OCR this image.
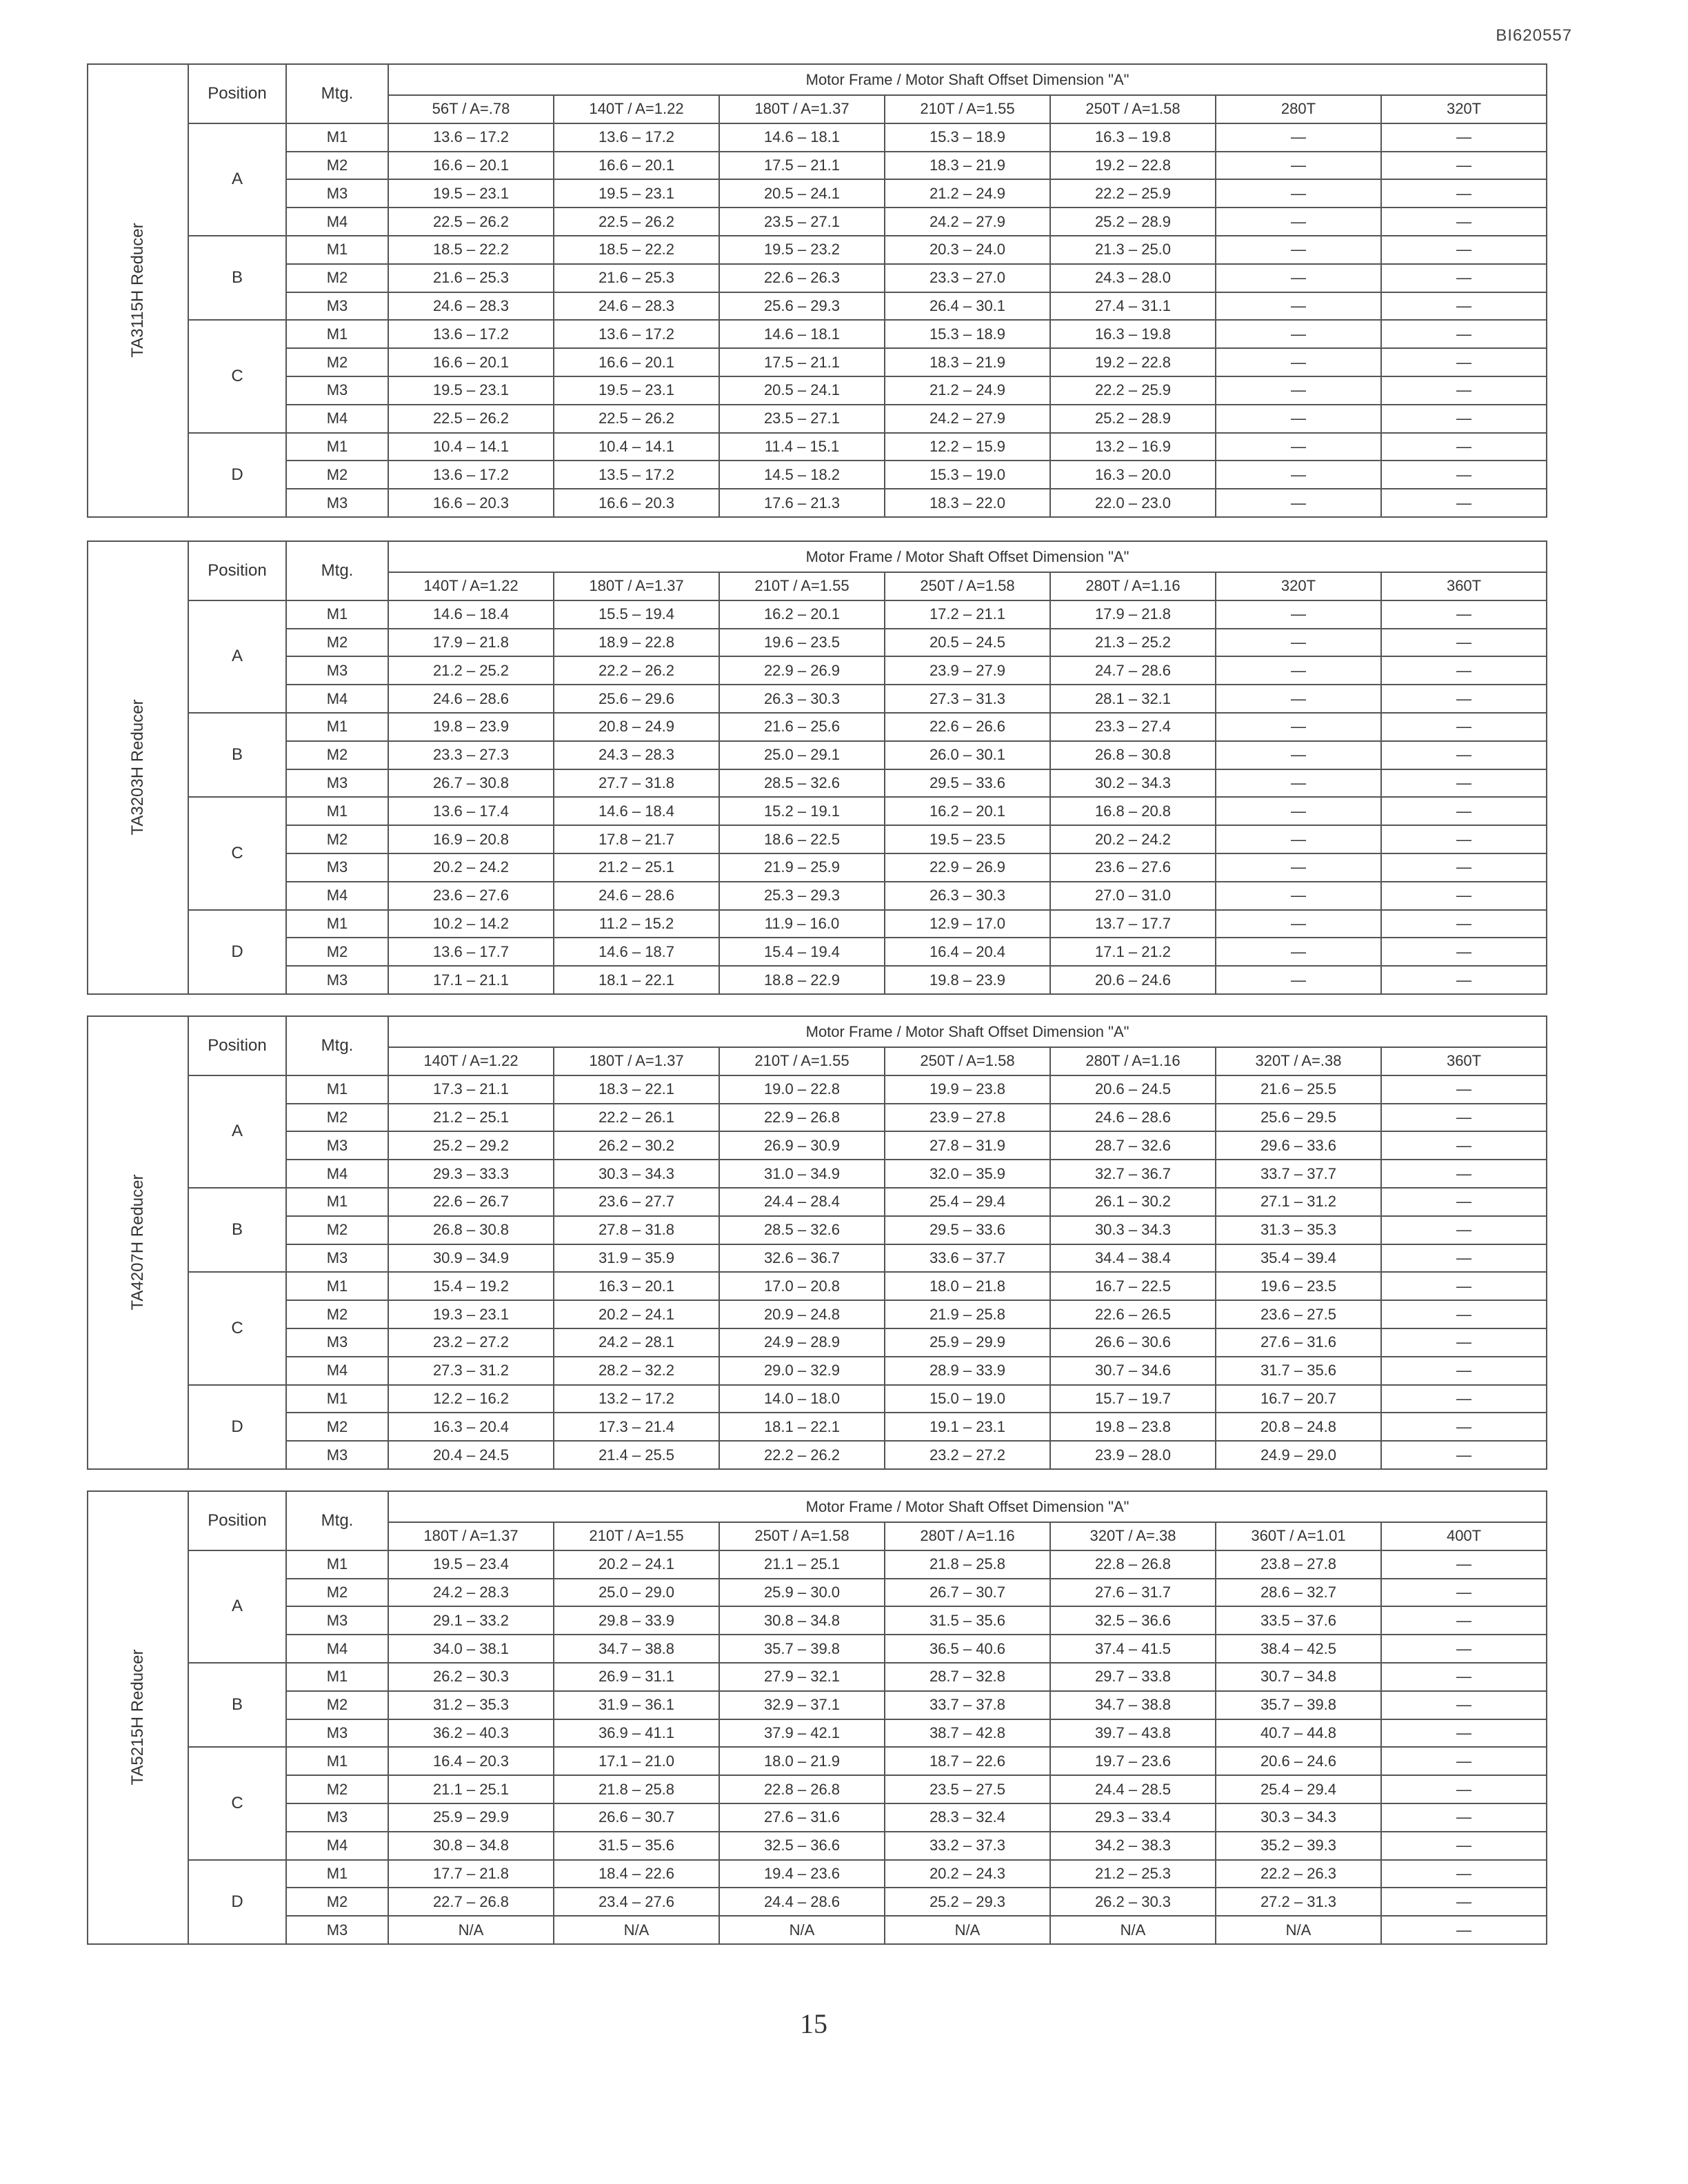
BI620557
TA3115H Reducer	Position	Mtg.	Motor Frame / Motor Shaft Offset Dimension "A"						
			56T / A=.78	140T / A=1.22	180T / A=1.37	210T / A=1.55	250T / A=1.58	280T	320T
	A	M1	13.6 – 17.2	13.6 – 17.2	14.6 – 18.1	15.3 – 18.9	16.3 – 19.8	—	—
		M2	16.6 – 20.1	16.6 – 20.1	17.5 – 21.1	18.3 – 21.9	19.2 – 22.8	—	—
		M3	19.5 – 23.1	19.5 – 23.1	20.5 – 24.1	21.2 – 24.9	22.2 – 25.9	—	—
		M4	22.5 – 26.2	22.5 – 26.2	23.5 – 27.1	24.2 – 27.9	25.2 – 28.9	—	—
	B	M1	18.5 – 22.2	18.5 – 22.2	19.5 – 23.2	20.3 – 24.0	21.3 – 25.0	—	—
		M2	21.6 – 25.3	21.6 – 25.3	22.6 – 26.3	23.3 – 27.0	24.3 – 28.0	—	—
		M3	24.6 – 28.3	24.6 – 28.3	25.6 – 29.3	26.4 – 30.1	27.4 – 31.1	—	—
	C	M1	13.6 – 17.2	13.6 – 17.2	14.6 – 18.1	15.3 – 18.9	16.3 – 19.8	—	—
		M2	16.6 – 20.1	16.6 – 20.1	17.5 – 21.1	18.3 – 21.9	19.2 – 22.8	—	—
		M3	19.5 – 23.1	19.5 – 23.1	20.5 – 24.1	21.2 – 24.9	22.2 – 25.9	—	—
		M4	22.5 – 26.2	22.5 – 26.2	23.5 – 27.1	24.2 – 27.9	25.2 – 28.9	—	—
	D	M1	10.4 – 14.1	10.4 – 14.1	11.4 – 15.1	12.2 – 15.9	13.2 – 16.9	—	—
		M2	13.6 – 17.2	13.5 – 17.2	14.5 – 18.2	15.3 – 19.0	16.3 – 20.0	—	—
		M3	16.6 – 20.3	16.6 – 20.3	17.6 – 21.3	18.3 – 22.0	22.0 – 23.0	—	—
TA3203H Reducer	Position	Mtg.	Motor Frame / Motor Shaft Offset Dimension "A"						
			140T / A=1.22	180T / A=1.37	210T / A=1.55	250T / A=1.58	280T / A=1.16	320T	360T
	A	M1	14.6 – 18.4	15.5 – 19.4	16.2 – 20.1	17.2 – 21.1	17.9 – 21.8	—	—
		M2	17.9 – 21.8	18.9 – 22.8	19.6 – 23.5	20.5 – 24.5	21.3 – 25.2	—	—
		M3	21.2 – 25.2	22.2 – 26.2	22.9 – 26.9	23.9 – 27.9	24.7 – 28.6	—	—
		M4	24.6 – 28.6	25.6 – 29.6	26.3 – 30.3	27.3 – 31.3	28.1 – 32.1	—	—
	B	M1	19.8 – 23.9	20.8 – 24.9	21.6 – 25.6	22.6 – 26.6	23.3 – 27.4	—	—
		M2	23.3 – 27.3	24.3 – 28.3	25.0 – 29.1	26.0 – 30.1	26.8 – 30.8	—	—
		M3	26.7 – 30.8	27.7 – 31.8	28.5 – 32.6	29.5 – 33.6	30.2 – 34.3	—	—
	C	M1	13.6 – 17.4	14.6 – 18.4	15.2 – 19.1	16.2 – 20.1	16.8 – 20.8	—	—
		M2	16.9 – 20.8	17.8 – 21.7	18.6 – 22.5	19.5 – 23.5	20.2 – 24.2	—	—
		M3	20.2 – 24.2	21.2 – 25.1	21.9 – 25.9	22.9 – 26.9	23.6 – 27.6	—	—
		M4	23.6 – 27.6	24.6 – 28.6	25.3 – 29.3	26.3 – 30.3	27.0 – 31.0	—	—
	D	M1	10.2 – 14.2	11.2 – 15.2	11.9 – 16.0	12.9 – 17.0	13.7 – 17.7	—	—
		M2	13.6 – 17.7	14.6 – 18.7	15.4 – 19.4	16.4 – 20.4	17.1 – 21.2	—	—
		M3	17.1 – 21.1	18.1 – 22.1	18.8 – 22.9	19.8 – 23.9	20.6 – 24.6	—	—
TA4207H Reducer	Position	Mtg.	Motor Frame / Motor Shaft Offset Dimension "A"						
			140T / A=1.22	180T / A=1.37	210T / A=1.55	250T / A=1.58	280T / A=1.16	320T / A=.38	360T
	A	M1	17.3 – 21.1	18.3 – 22.1	19.0 – 22.8	19.9 – 23.8	20.6 – 24.5	21.6 – 25.5	—
		M2	21.2 – 25.1	22.2 – 26.1	22.9 – 26.8	23.9 – 27.8	24.6 – 28.6	25.6 – 29.5	—
		M3	25.2 – 29.2	26.2 – 30.2	26.9 – 30.9	27.8 – 31.9	28.7 – 32.6	29.6 – 33.6	—
		M4	29.3 – 33.3	30.3 – 34.3	31.0 – 34.9	32.0 – 35.9	32.7 – 36.7	33.7 – 37.7	—
	B	M1	22.6 – 26.7	23.6 – 27.7	24.4 – 28.4	25.4 – 29.4	26.1 – 30.2	27.1 – 31.2	—
		M2	26.8 – 30.8	27.8 – 31.8	28.5 – 32.6	29.5 – 33.6	30.3 – 34.3	31.3 – 35.3	—
		M3	30.9 – 34.9	31.9 – 35.9	32.6 – 36.7	33.6 – 37.7	34.4 – 38.4	35.4 – 39.4	—
	C	M1	15.4 – 19.2	16.3 – 20.1	17.0 – 20.8	18.0 – 21.8	16.7 – 22.5	19.6 – 23.5	—
		M2	19.3 – 23.1	20.2 – 24.1	20.9 – 24.8	21.9 – 25.8	22.6 – 26.5	23.6 – 27.5	—
		M3	23.2 – 27.2	24.2 – 28.1	24.9 – 28.9	25.9 – 29.9	26.6 – 30.6	27.6 – 31.6	—
		M4	27.3 – 31.2	28.2 – 32.2	29.0 – 32.9	28.9 – 33.9	30.7 – 34.6	31.7 – 35.6	—
	D	M1	12.2 – 16.2	13.2 – 17.2	14.0 – 18.0	15.0 – 19.0	15.7 – 19.7	16.7 – 20.7	—
		M2	16.3 – 20.4	17.3 – 21.4	18.1 – 22.1	19.1 – 23.1	19.8 – 23.8	20.8 – 24.8	—
		M3	20.4 – 24.5	21.4 – 25.5	22.2 – 26.2	23.2 – 27.2	23.9 – 28.0	24.9 – 29.0	—
TA5215H Reducer	Position	Mtg.	Motor Frame / Motor Shaft Offset Dimension "A"						
			180T / A=1.37	210T / A=1.55	250T / A=1.58	280T / A=1.16	320T / A=.38	360T / A=1.01	400T
	A	M1	19.5 – 23.4	20.2 – 24.1	21.1 – 25.1	21.8 – 25.8	22.8 – 26.8	23.8 – 27.8	—
		M2	24.2 – 28.3	25.0 – 29.0	25.9 – 30.0	26.7 – 30.7	27.6 – 31.7	28.6 – 32.7	—
		M3	29.1 – 33.2	29.8 – 33.9	30.8 – 34.8	31.5 – 35.6	32.5 – 36.6	33.5 – 37.6	—
		M4	34.0 – 38.1	34.7 – 38.8	35.7 – 39.8	36.5 – 40.6	37.4 – 41.5	38.4 – 42.5	—
	B	M1	26.2 – 30.3	26.9 – 31.1	27.9 – 32.1	28.7 – 32.8	29.7 – 33.8	30.7 – 34.8	—
		M2	31.2 – 35.3	31.9 – 36.1	32.9 – 37.1	33.7 – 37.8	34.7 – 38.8	35.7 – 39.8	—
		M3	36.2 – 40.3	36.9 – 41.1	37.9 – 42.1	38.7 – 42.8	39.7 – 43.8	40.7 – 44.8	—
	C	M1	16.4 – 20.3	17.1 – 21.0	18.0 – 21.9	18.7 – 22.6	19.7 – 23.6	20.6 – 24.6	—
		M2	21.1 – 25.1	21.8 – 25.8	22.8 – 26.8	23.5 – 27.5	24.4 – 28.5	25.4 – 29.4	—
		M3	25.9 – 29.9	26.6 – 30.7	27.6 – 31.6	28.3 – 32.4	29.3 – 33.4	30.3 – 34.3	—
		M4	30.8 – 34.8	31.5 – 35.6	32.5 – 36.6	33.2 – 37.3	34.2 – 38.3	35.2 – 39.3	—
	D	M1	17.7 – 21.8	18.4 – 22.6	19.4 – 23.6	20.2 – 24.3	21.2 – 25.3	22.2 – 26.3	—
		M2	22.7 – 26.8	23.4 – 27.6	24.4 – 28.6	25.2 – 29.3	26.2 – 30.3	27.2 – 31.3	—
		M3	N/A	N/A	N/A	N/A	N/A	N/A	—
15
